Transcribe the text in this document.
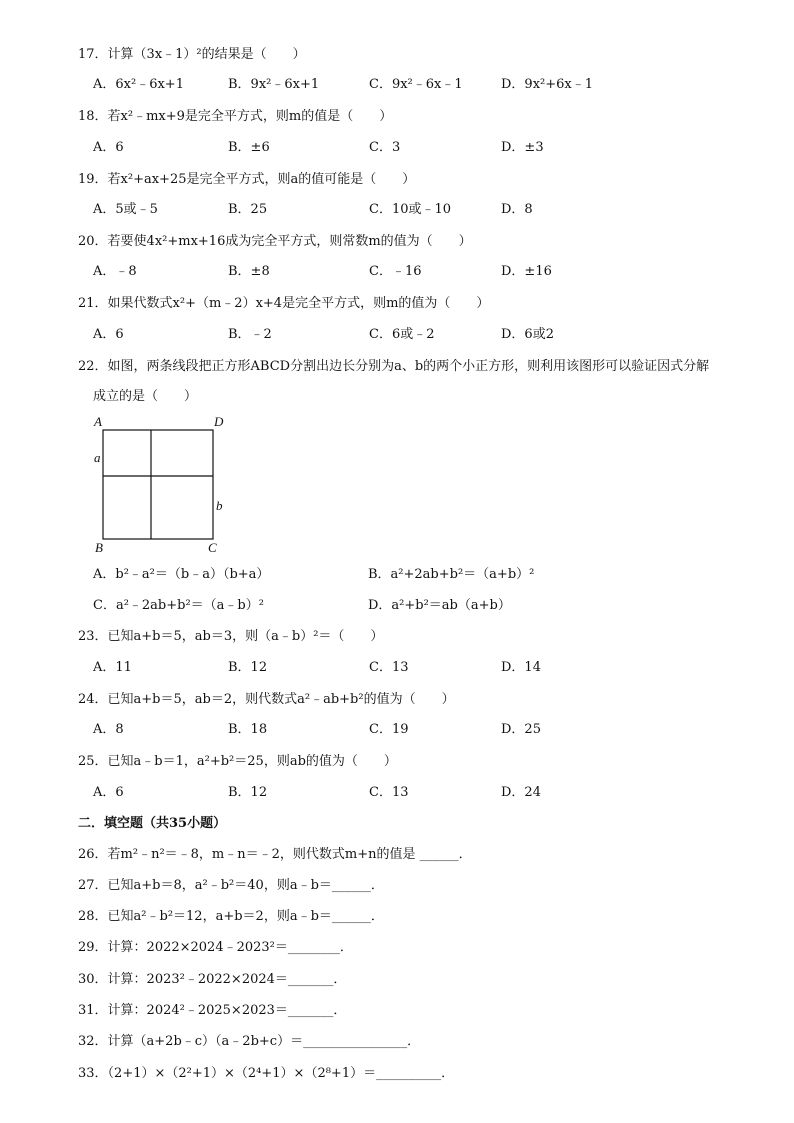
17．计算（3x﹣1）²的结果是（　　）
A．6x²﹣6x+1	B．9x²﹣6x+1	C．9x²﹣6x﹣1	D．9x²+6x﹣1
18．若x²﹣mx+9是完全平方式，则m的值是（　　）
A．6	B．±6	C．3	D．±3
19．若x²+ax+25是完全平方式，则a的值可能是（　　）
A．5或﹣5	B．25	C．10或﹣10	D．8
20．若要使4x²+mx+16成为完全平方式，则常数m的值为（　　）
A．﹣8	B．±8	C．﹣16	D．±16
21．如果代数式x²+（m﹣2）x+4是完全平方式，则m的值为（　　）
A．6	B．﹣2	C．6或﹣2	D．6或2
22．如图，两条线段把正方形ABCD分割出边长分别为a、b的两个小正方形，则利用该图形可以验证因式分解
成立的是（　　）
A	D
B	C
a
b
A．b²﹣a²＝（b﹣a）（b+a）	B．a²+2ab+b²＝（a+b）²
C．a²﹣2ab+b²＝（a﹣b）²	D．a²+b²＝ab（a+b）
23．已知a+b＝5，ab＝3，则（a﹣b）²＝（　　）
A．11	B．12	C．13	D．14
24．已知a+b＝5，ab＝2，则代数式a²﹣ab+b²的值为（　　）
A．8	B．18	C．19	D．25
25．已知a﹣b＝1，a²+b²＝25，则ab的值为（　　）
A．6	B．12	C．13	D．24
二．填空题（共35小题）
26．若m²﹣n²＝﹣8，m﹣n＝﹣2，则代数式m+n的值是 ______．
27．已知a+b＝8，a²﹣b²＝40，则a﹣b＝______．
28．已知a²﹣b²＝12，a+b＝2，则a﹣b＝______．
29．计算：2022×2024﹣2023²＝________．
30．计算：2023²﹣2022×2024＝_______．
31．计算：2024²﹣2025×2023＝_______．
32．计算（a+2b﹣c）（a﹣2b+c）＝________________．
33．（2+1）×（2²+1）×（2⁴+1）×（2⁸+1）＝__________．
